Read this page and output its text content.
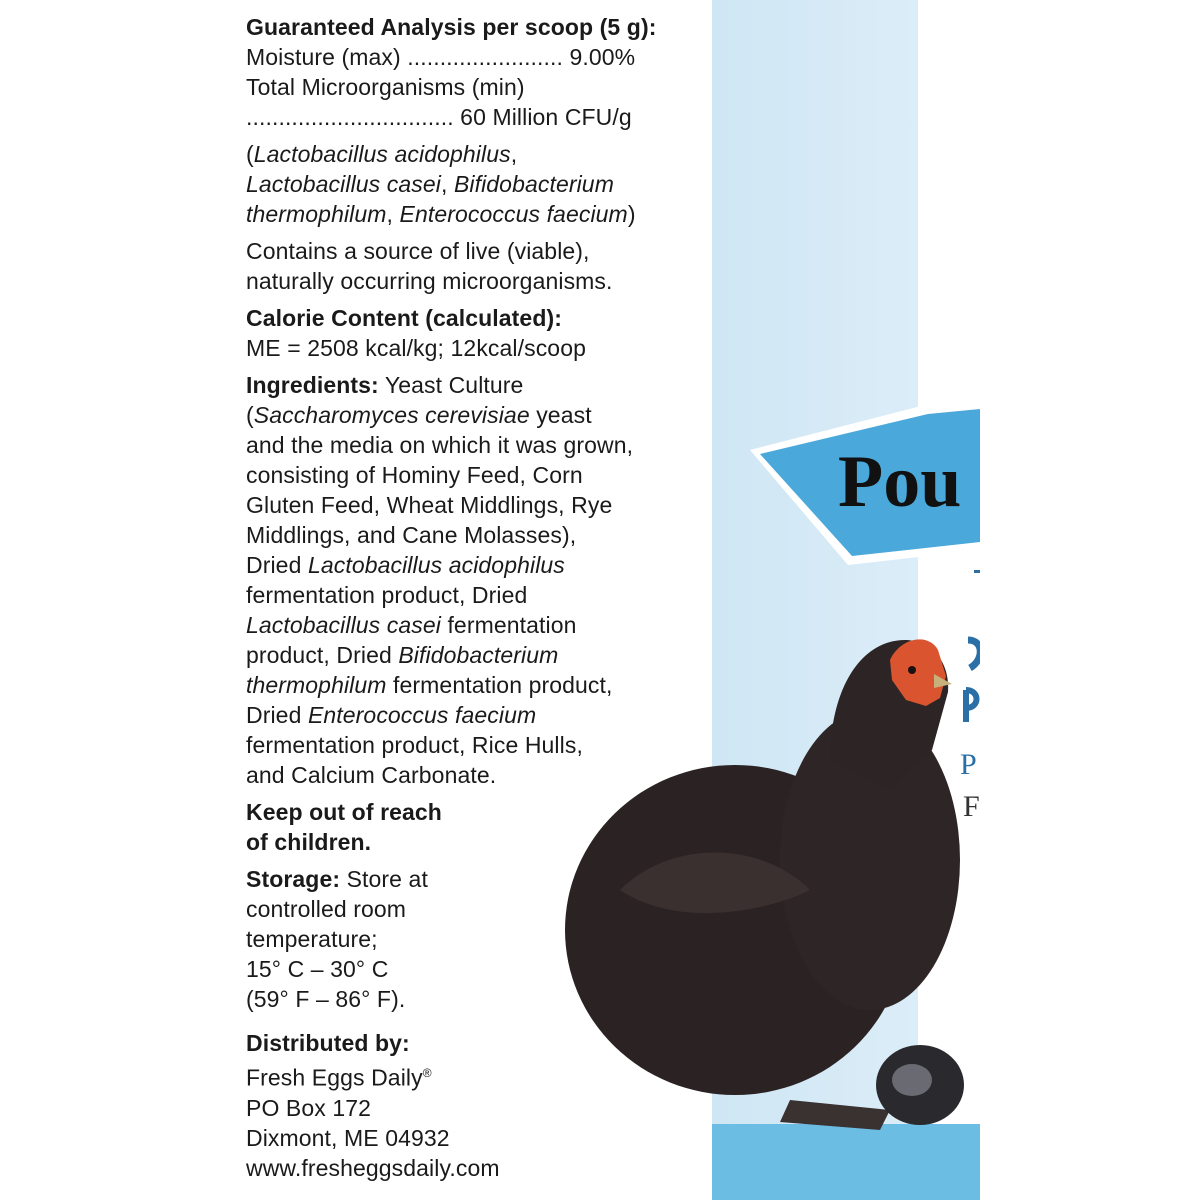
Pou
P
F
Guaranteed Analysis per scoop (5 g):
Moisture (max) ........................ 9.00%
Total Microorganisms (min)
................................ 60 Million CFU/g
(Lactobacillus acidophilus,
Lactobacillus casei, Bifidobacterium
thermophilum, Enterococcus faecium)
Contains a source of live (viable),
naturally occurring microorganisms.
Calorie Content (calculated):
ME = 2508 kcal/kg; 12kcal/scoop
Ingredients: Yeast Culture
(Saccharomyces cerevisiae yeast
and the media on which it was grown,
consisting of Hominy Feed, Corn
Gluten Feed, Wheat Middlings, Rye
Middlings, and Cane Molasses),
Dried Lactobacillus acidophilus
fermentation product, Dried
Lactobacillus casei fermentation
product, Dried Bifidobacterium
thermophilum fermentation product,
Dried Enterococcus faecium
fermentation product, Rice Hulls,
and Calcium Carbonate.
Keep out of reach
of children.
Storage: Store at
controlled room
temperature;
15° C – 30° C
(59° F – 86° F).
Distributed by:
Fresh Eggs Daily®
PO Box 172
Dixmont, ME 04932
www.fresheggsdaily.com
